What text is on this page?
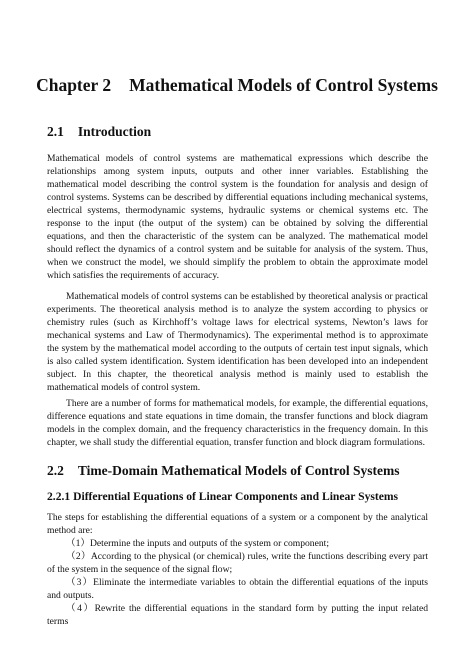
Chapter 2 Mathematical Models of Control Systems
2.1 Introduction

Mathematical models of control systems are mathematical expressions which describe the relationships among system inputs, outputs and other inner variables. Establishing the mathematical model describing the control system is the foundation for analysis and design of control systems. Systems can be described by differential equations including mechanical systems, electrical systems, thermodynamic systems, hydraulic systems or chemical systems etc. The response to the input (the output of the system) can be obtained by solving the differential equations, and then the characteristic of the system can be analyzed. The mathematical model should reflect the dynamics of a control system and be suitable for analysis of the system. Thus, when we construct the model, we should simplify the problem to obtain the approximate model which satisfies the requirements of accuracy.

Mathematical models of control systems can be established by theoretical analysis or practical experiments. The theoretical analysis method is to analyze the system according to physics or chemistry rules (such as Kirchhoff’s voltage laws for electrical systems, Newton’s laws for mechanical systems and Law of Thermodynamics). The experimental method is to approximate the system by the mathematical model according to the outputs of certain test input signals, which is also called system identification. System identification has been developed into an independent subject. In this chapter, the theoretical analysis method is mainly used to establish the mathematical models of control system.

There are a number of forms for mathematical models, for example, the differential equations, difference equations and state equations in time domain, the transfer functions and block diagram models in the complex domain, and the frequency characteristics in the frequency domain. In this chapter, we shall study the differential equation, transfer function and block diagram formulations.

2.2 Time-Domain Mathematical Models of Control Systems
2.2.1 Differential Equations of Linear Components and Linear Systems

The steps for establishing the differential equations of a system or a component by the analytical method are:

（1）Determine the inputs and outputs of the system or component;

（2）According to the physical (or chemical) rules, write the functions describing every part of the system in the sequence of the signal flow;

（3）Eliminate the intermediate variables to obtain the differential equations of the inputs and outputs.

（4）Rewrite the differential equations in the standard form by putting the input related terms
